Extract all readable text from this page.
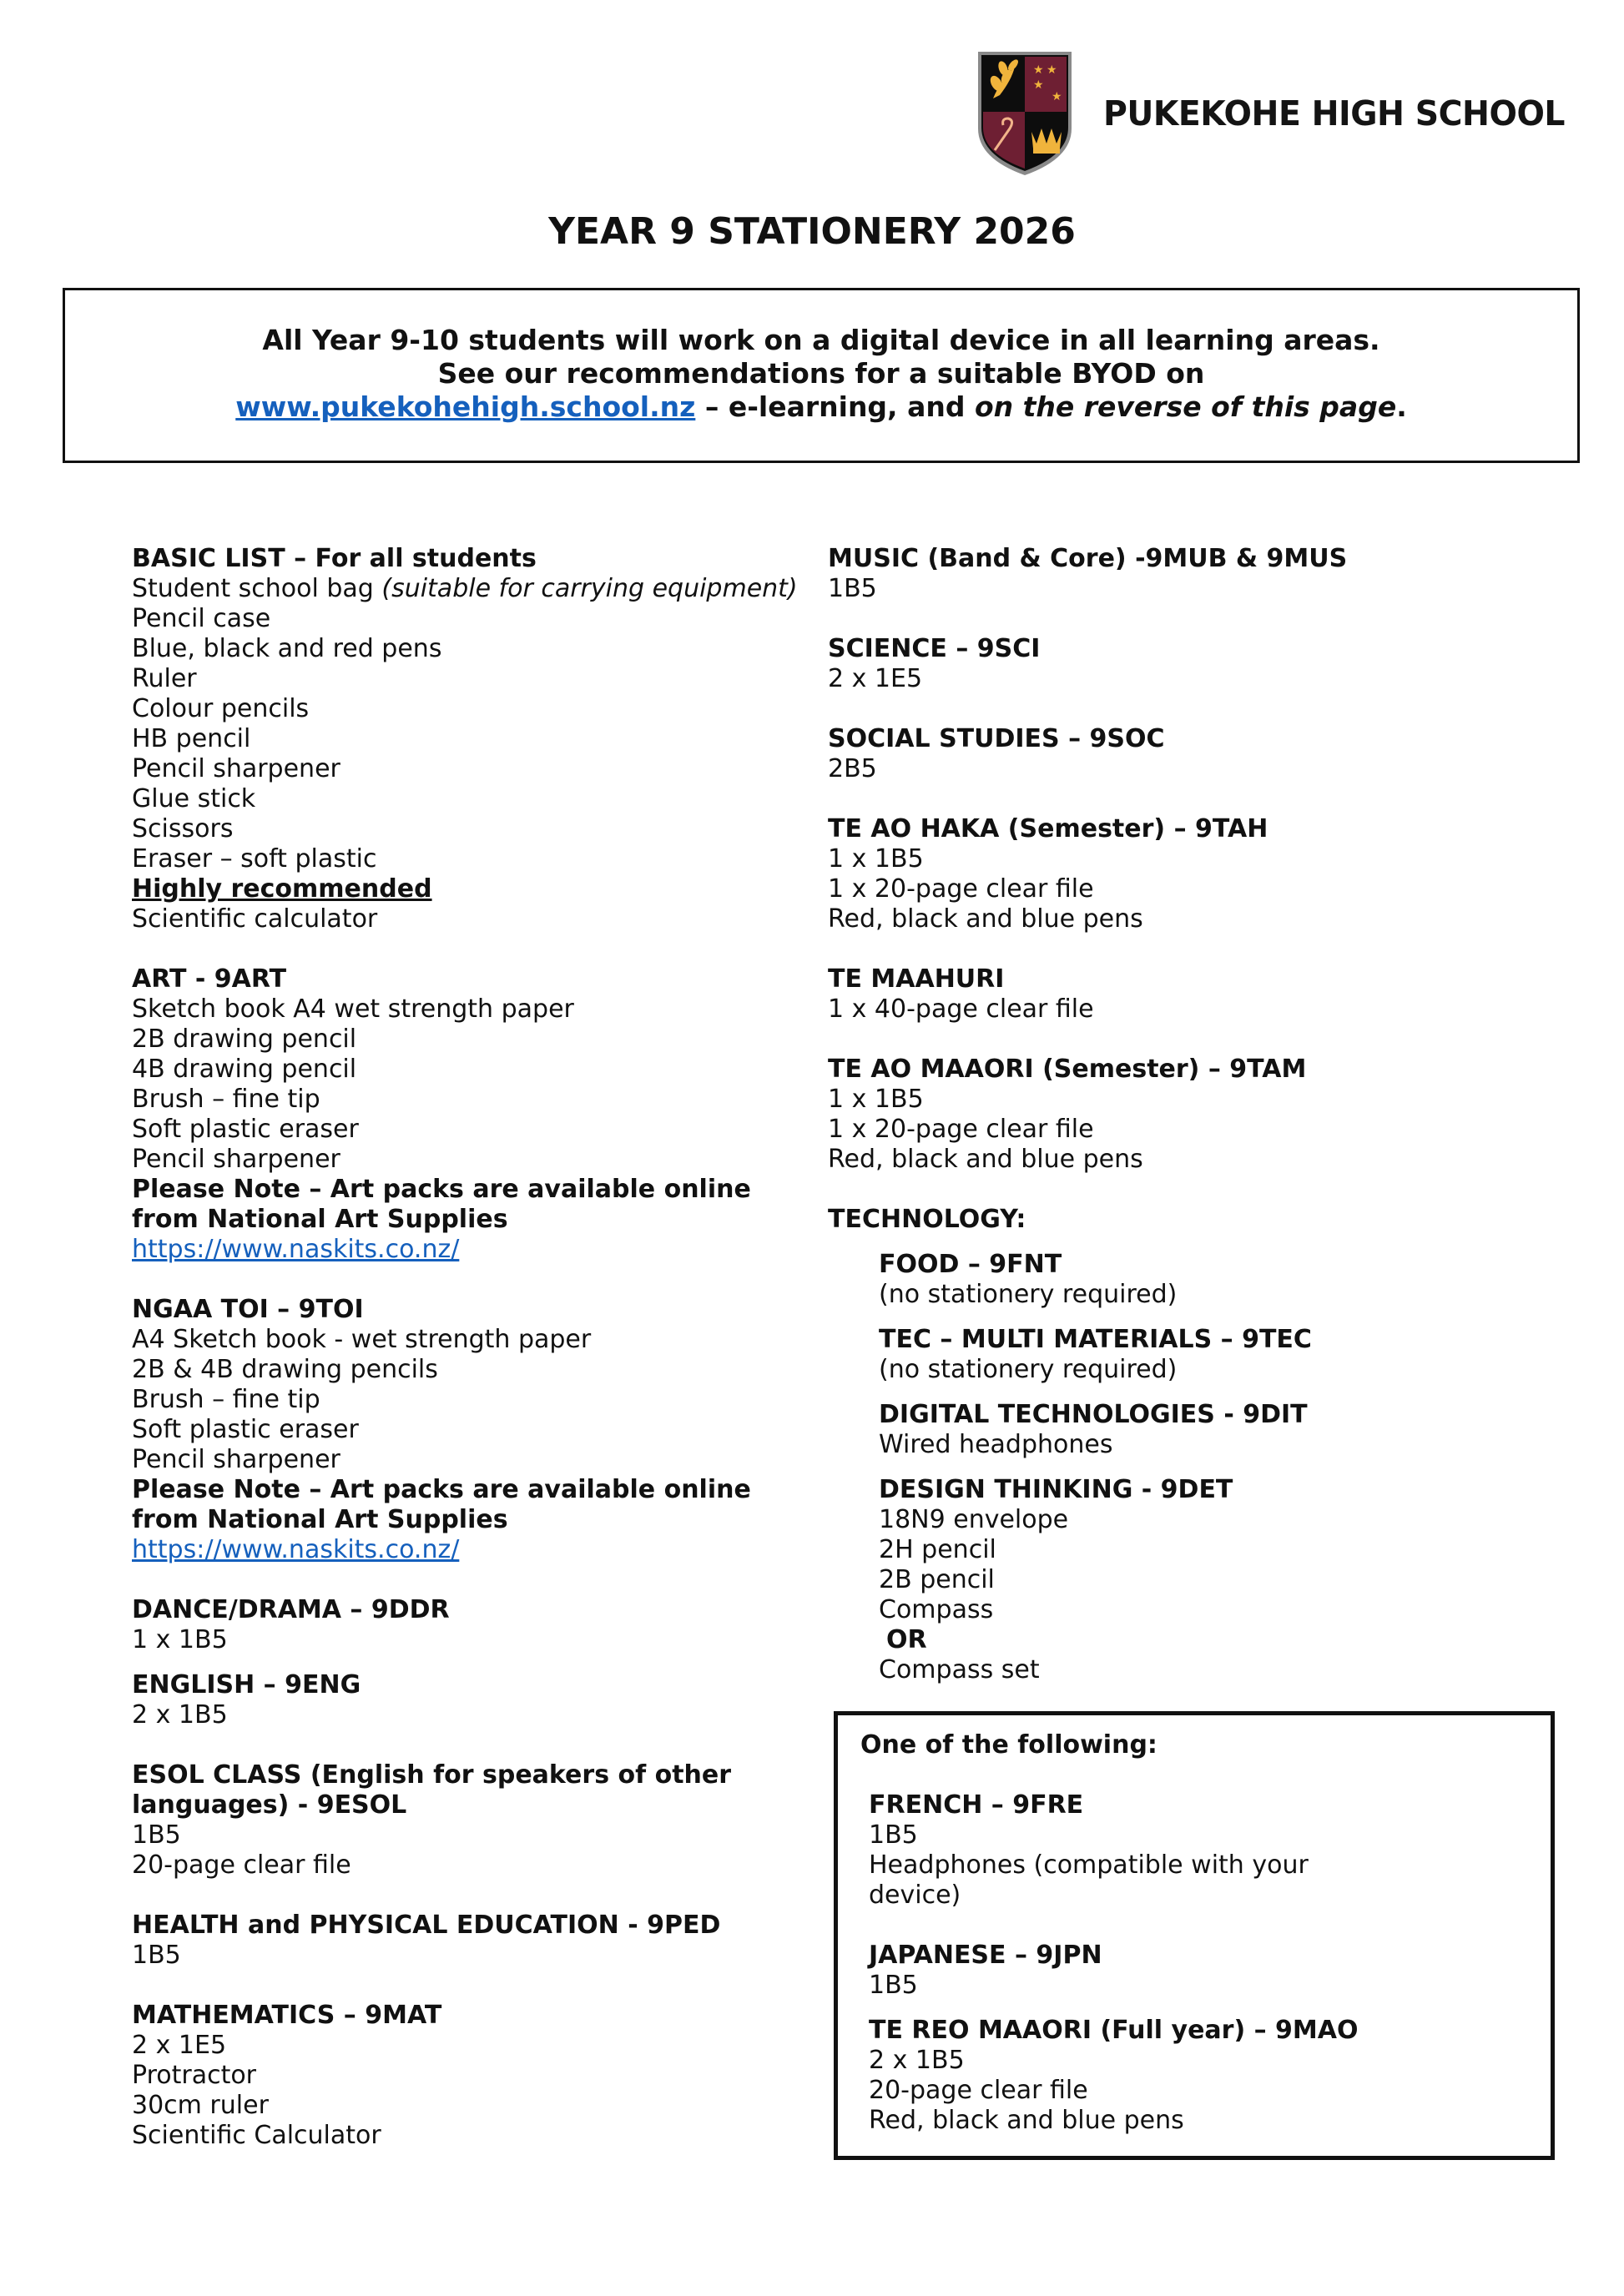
★ ★
★
★ PUKEKOHE HIGH SCHOOL
YEAR 9 STATIONERY 2026
All Year 9-10 students will work on a digital device in all learning areas.
See our recommendations for a suitable BYOD on
www.pukekohehigh.school.nz – e-learning, and on the reverse of this page.
BASIC LIST – For all students
Student school bag (suitable for carrying equipment)
Pencil case
Blue, black and red pens
Ruler
Colour pencils
HB pencil
Pencil sharpener
Glue stick
Scissors
Eraser – soft plastic
Highly recommended
Scientific calculator
ART - 9ART
Sketch book A4 wet strength paper
2B drawing pencil
4B drawing pencil
Brush – fine tip
Soft plastic eraser
Pencil sharpener
Please Note – Art packs are available online from National Art Supplies
https://www.naskits.co.nz/
NGAA TOI – 9TOI
A4 Sketch book - wet strength paper
2B & 4B drawing pencils
Brush – fine tip
Soft plastic eraser
Pencil sharpener
Please Note – Art packs are available online from National Art Supplies
https://www.naskits.co.nz/
DANCE/DRAMA – 9DDR
1 x 1B5
ENGLISH – 9ENG
2 x 1B5
ESOL CLASS (English for speakers of other languages) - 9ESOL
1B5
20-page clear file
HEALTH and PHYSICAL EDUCATION - 9PED
1B5
MATHEMATICS – 9MAT
2 x 1E5
Protractor
30cm ruler
Scientific Calculator
MUSIC (Band & Core) -9MUB & 9MUS
1B5
SCIENCE – 9SCI
2 x 1E5
SOCIAL STUDIES – 9SOC
2B5
TE AO HAKA (Semester) – 9TAH
1 x 1B5
1 x 20-page clear file
Red, black and blue pens
TE MAAHURI
1 x 40-page clear file
TE AO MAAORI (Semester) – 9TAM
1 x 1B5
1 x 20-page clear file
Red, black and blue pens
TECHNOLOGY:
FOOD – 9FNT
(no stationery required)
TEC – MULTI MATERIALS – 9TEC
(no stationery required)
DIGITAL TECHNOLOGIES - 9DIT
Wired headphones
DESIGN THINKING - 9DET
18N9 envelope
2H pencil
2B pencil
Compass
OR
Compass set
One of the following:
FRENCH – 9FRE
1B5
Headphones (compatible with your device)
JAPANESE – 9JPN
1B5
TE REO MAAORI (Full year) – 9MAO
2 x 1B5
20-page clear file
Red, black and blue pens
